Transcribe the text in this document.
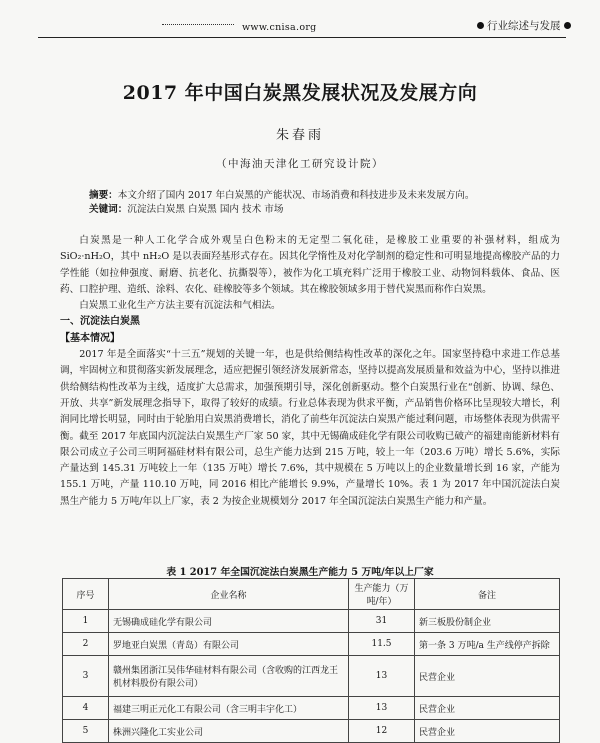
www.cnisa.org	行业综述与发展
2017 年中国白炭黑发展状况及发展方向
朱春雨
（中海油天津化工研究设计院）
摘要：本文介绍了国内 2017 年白炭黑的产能状况、市场消费和科技进步及未来发展方向。
关键词：沉淀法白炭黑 白炭黑 国内 技术 市场

白炭黑是一种人工化学合成外观呈白色粉末的无定型二氧化硅，是橡胶工业重要的补强材料，组成为 SiO₂·nH₂O，其中 nH₂O 是以表面羟基形式存在。因其化学惰性及对化学制剂的稳定性和可明显地提高橡胶产品的力学性能（如拉伸强度、耐磨、抗老化、抗撕裂等），被作为化工填充料广泛用于橡胶工业、动物饲料载体、食品、医药、口腔护理、造纸、涂料、农化、硅橡胶等多个领域。其在橡胶领域多用于替代炭黑而称作白炭黑。

白炭黑工业化生产方法主要有沉淀法和气相法。

一、沉淀法白炭黑

【基本情况】

2017 年是全面落实“十三五”规划的关键一年，也是供给侧结构性改革的深化之年。国家坚持稳中求进工作总基调，牢固树立和贯彻落实新发展理念，适应把握引领经济发展新常态，坚持以提高发展质量和效益为中心，坚持以推进供给侧结构性改革为主线，适度扩大总需求，加强预期引导，深化创新驱动。整个白炭黑行业在“创新、协调、绿色、开放、共享”新发展理念指导下，取得了较好的成绩。行业总体表现为供求平衡，产品销售价格环比呈现较大增长，利润同比增长明显，同时由于轮胎用白炭黑消费增长，消化了前些年沉淀法白炭黑产能过剩问题，市场整体表现为供需平衡。截至 2017 年底国内沉淀法白炭黑生产厂家 50 家，其中无锡确成硅化学有限公司收购已破产的福建南能新材料有限公司成立子公司三明阿福硅材料有限公司，总生产能力达到 215 万吨，较上一年（203.6 万吨）增长 5.6%，实际产量达到 145.31 万吨较上一年（135 万吨）增长 7.6%，其中规模在 5 万吨以上的企业数量增长到 16 家，产能为 155.1 万吨，产量 110.10 万吨，同 2016 相比产能增长 9.9%，产量增长 10%。表 1 为 2017 年中国沉淀法白炭黑生产能力 5 万吨/年以上厂家，表 2 为按企业规模划分 2017 年全国沉淀法白炭黑生产能力和产量。

表 1 2017 年全国沉淀法白炭黑生产能力 5 万吨/年以上厂家
序号	企业名称	生产能力（万吨/年）	备注
1	无锡确成硅化学有限公司	31	新三板股份制企业
2	罗地亚白炭黑（青岛）有限公司	11.5	第一条 3 万吨/a 生产线停产拆除
3	赣州集团浙江吴伟华硅材料有限公司（含收购的江西龙王机材料股份有限公司）	13	民营企业
4	福建三明正元化工有限公司（含三明丰宇化工）	13	民营企业
5	株洲兴隆化工实业公司	12	民营企业
